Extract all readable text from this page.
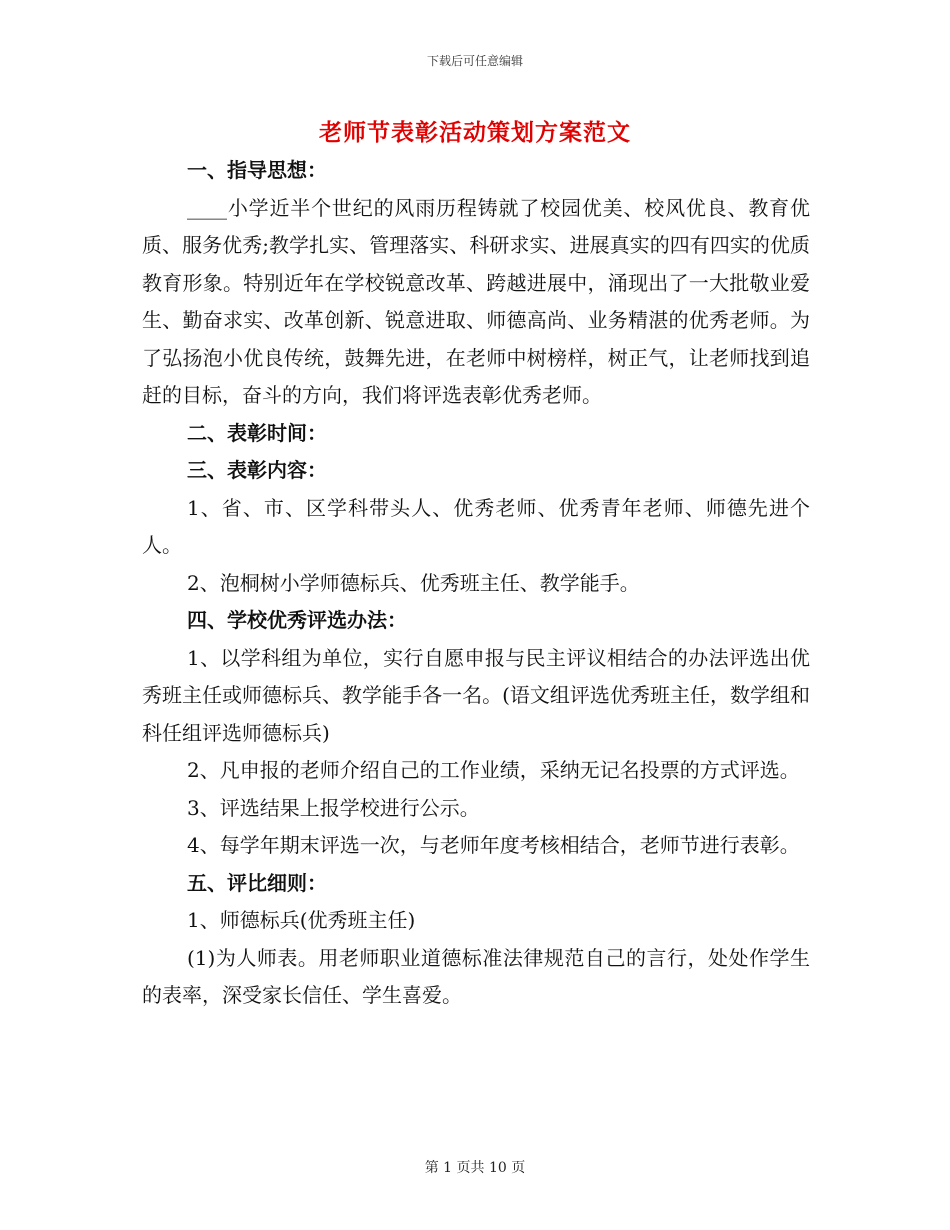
下载后可任意编辑
老师节表彰活动策划方案范文

一、指导思想：

____小学近半个世纪的风雨历程铸就了校园优美、校风优良、教育优质、服务优秀;教学扎实、管理落实、科研求实、进展真实的四有四实的优质教育形象。特别近年在学校锐意改革、跨越进展中，涌现出了一大批敬业爱生、勤奋求实、改革创新、锐意进取、师德高尚、业务精湛的优秀老师。为了弘扬泡小优良传统，鼓舞先进，在老师中树榜样，树正气，让老师找到追赶的目标，奋斗的方向，我们将评选表彰优秀老师。

二、表彰时间：

三、表彰内容：

1、省、市、区学科带头人、优秀老师、优秀青年老师、师德先进个人。

2、泡桐树小学师德标兵、优秀班主任、教学能手。

四、学校优秀评选办法：

1、以学科组为单位，实行自愿申报与民主评议相结合的办法评选出优秀班主任或师德标兵、教学能手各一名。(语文组评选优秀班主任，数学组和科任组评选师德标兵)

2、凡申报的老师介绍自己的工作业绩，采纳无记名投票的方式评选。

3、评选结果上报学校进行公示。

4、每学年期末评选一次，与老师年度考核相结合，老师节进行表彰。

五、评比细则：

1、师德标兵(优秀班主任)

(1)为人师表。用老师职业道德标准法律规范自己的言行，处处作学生的表率，深受家长信任、学生喜爱。

第 1 页共 10 页
